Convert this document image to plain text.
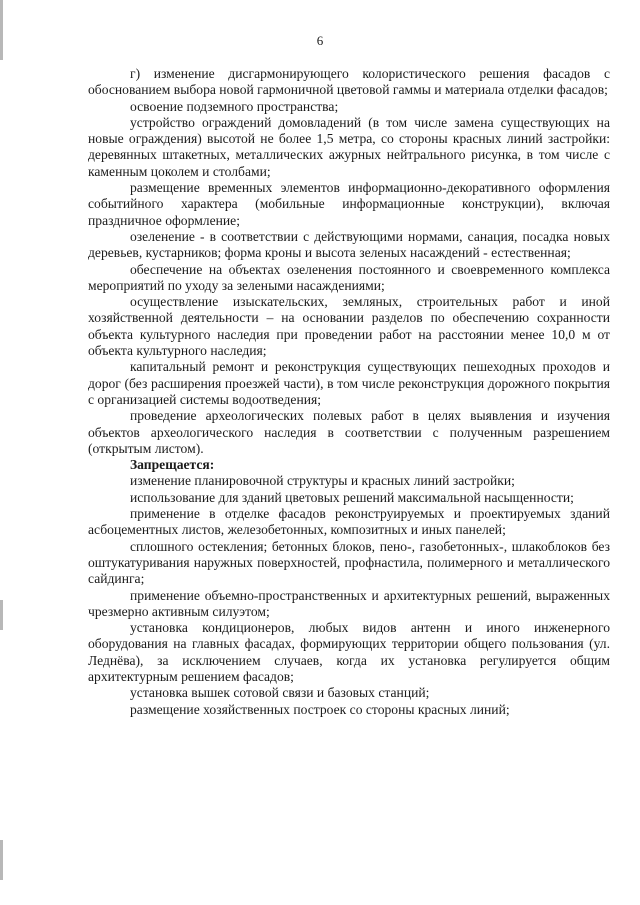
6

г) изменение дисгармонирующего колористического решения фасадов с обоснованием выбора новой гармоничной цветовой гаммы и материала отделки фасадов;

освоение подземного пространства;

устройство ограждений домовладений (в том числе замена существующих на новые ограждения) высотой не более 1,5 метра, со стороны красных линий застройки: деревянных штакетных, металлических ажурных нейтрального рисунка, в том числе с каменным цоколем и столбами;

размещение временных элементов информационно-декоративного оформления событийного характера (мобильные информационные конструкции), включая праздничное оформление;

озеленение - в соответствии с действующими нормами, санация, посадка новых деревьев, кустарников; форма кроны и высота зеленых насаждений - естественная;

обеспечение на объектах озеленения постоянного и своевременного комплекса мероприятий по уходу за зелеными насаждениями;

осуществление изыскательских, земляных, строительных работ и иной хозяйственной деятельности – на основании разделов по обеспечению сохранности объекта культурного наследия при проведении работ на расстоянии менее 10,0 м от объекта культурного наследия;

капитальный ремонт и реконструкция существующих пешеходных проходов и дорог (без расширения проезжей части), в том числе реконструкция дорожного покрытия с организацией системы водоотведения;

проведение археологических полевых работ в целях выявления и изучения объектов археологического наследия в соответствии с полученным разрешением (открытым листом).

Запрещается:

изменение планировочной структуры и красных линий застройки;

использование для зданий цветовых решений максимальной насыщенности;

применение в отделке фасадов реконструируемых и проектируемых зданий асбоцементных листов, железобетонных, композитных и иных панелей;

сплошного остекления; бетонных блоков, пено-, газобетонных-, шлакоблоков без оштукатуривания наружных поверхностей, профнастила, полимерного и металлического сайдинга;

применение объемно-пространственных и архитектурных решений, выраженных чрезмерно активным силуэтом;

установка кондиционеров, любых видов антенн и иного инженерного оборудования на главных фасадах, формирующих территории общего пользования (ул. Леднёва), за исключением случаев, когда их установка регулируется общим архитектурным решением фасадов;

установка вышек сотовой связи и базовых станций;

размещение хозяйственных построек со стороны красных линий;
